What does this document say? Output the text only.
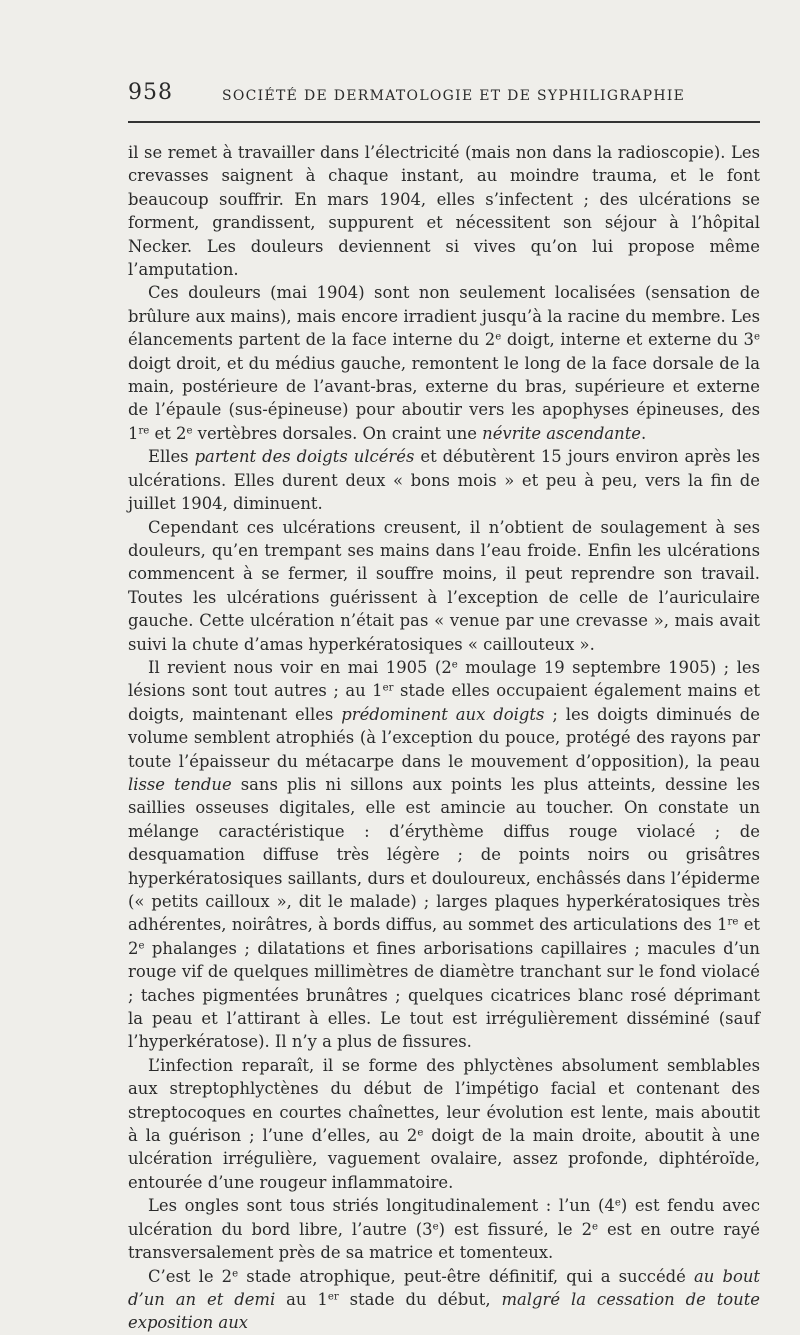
958	SOCIÉTÉ DE DERMATOLOGIE ET DE SYPHILIGRAPHIE

il se remet à travailler dans l’électricité (mais non dans la radioscopie). Les crevasses saignent à chaque instant, au moindre trauma, et le font beaucoup souffrir. En mars 1904, elles s’infectent ; des ulcérations se forment, grandissent, suppurent et nécessitent son séjour à l’hôpital Necker. Les douleurs deviennent si vives qu’on lui propose même l’amputation.

Ces douleurs (mai 1904) sont non seulement localisées (sensation de brûlure aux mains), mais encore irradient jusqu’à la racine du membre. Les élancements partent de la face interne du 2e doigt, interne et externe du 3e doigt droit, et du médius gauche, remontent le long de la face dorsale de la main, postérieure de l’avant-bras, externe du bras, supérieure et externe de l’épaule (sus-épineuse) pour aboutir vers les apophyses épineuses, des 1re et 2e vertèbres dorsales. On craint une névrite ascendante.

Elles partent des doigts ulcérés et débutèrent 15 jours environ après les ulcérations. Elles durent deux « bons mois » et peu à peu, vers la fin de juillet 1904, diminuent.

Cependant ces ulcérations creusent, il n’obtient de soulagement à ses douleurs, qu’en trempant ses mains dans l’eau froide. Enfin les ulcérations commencent à se fermer, il souffre moins, il peut reprendre son travail. Toutes les ulcérations guérissent à l’exception de celle de l’auriculaire gauche. Cette ulcération n’était pas « venue par une crevasse », mais avait suivi la chute d’amas hyperkératosiques « caillouteux ».

Il revient nous voir en mai 1905 (2e moulage 19 septembre 1905) ; les lésions sont tout autres ; au 1er stade elles occupaient également mains et doigts, maintenant elles prédominent aux doigts ; les doigts diminués de volume semblent atrophiés (à l’exception du pouce, protégé des rayons par toute l’épaisseur du métacarpe dans le mouvement d’opposition), la peau lisse tendue sans plis ni sillons aux points les plus atteints, dessine les saillies osseuses digitales, elle est amincie au toucher. On constate un mélange caractéristique : d’érythème diffus rouge violacé ; de desquamation diffuse très légère ; de points noirs ou grisâtres hyperkératosiques saillants, durs et douloureux, enchâssés dans l’épiderme (« petits cailloux », dit le malade) ; larges plaques hyperkératosiques très adhérentes, noirâtres, à bords diffus, au sommet des articulations des 1re et 2e phalanges ; dilatations et fines arborisations capillaires ; macules d’un rouge vif de quelques millimètres de diamètre tranchant sur le fond violacé ; taches pigmentées brunâtres ; quelques cicatrices blanc rosé déprimant la peau et l’attirant à elles. Le tout est irrégulièrement disséminé (sauf l’hyperkératose). Il n’y a plus de fissures.

L’infection reparaît, il se forme des phlyctènes absolument semblables aux streptophlyctènes du début de l’impétigo facial et contenant des streptocoques en courtes chaînettes, leur évolution est lente, mais aboutit à la guérison ; l’une d’elles, au 2e doigt de la main droite, aboutit à une ulcération irrégulière, vaguement ovalaire, assez profonde, diphtéroïde, entourée d’une rougeur inflammatoire.

Les ongles sont tous striés longitudinalement : l’un (4e) est fendu avec ulcération du bord libre, l’autre (3e) est fissuré, le 2e est en outre rayé transversalement près de sa matrice et tomenteux.

C’est le 2e stade atrophique, peut-être définitif, qui a succédé au bout d’un an et demi au 1er stade du début, malgré la cessation de toute exposition aux
